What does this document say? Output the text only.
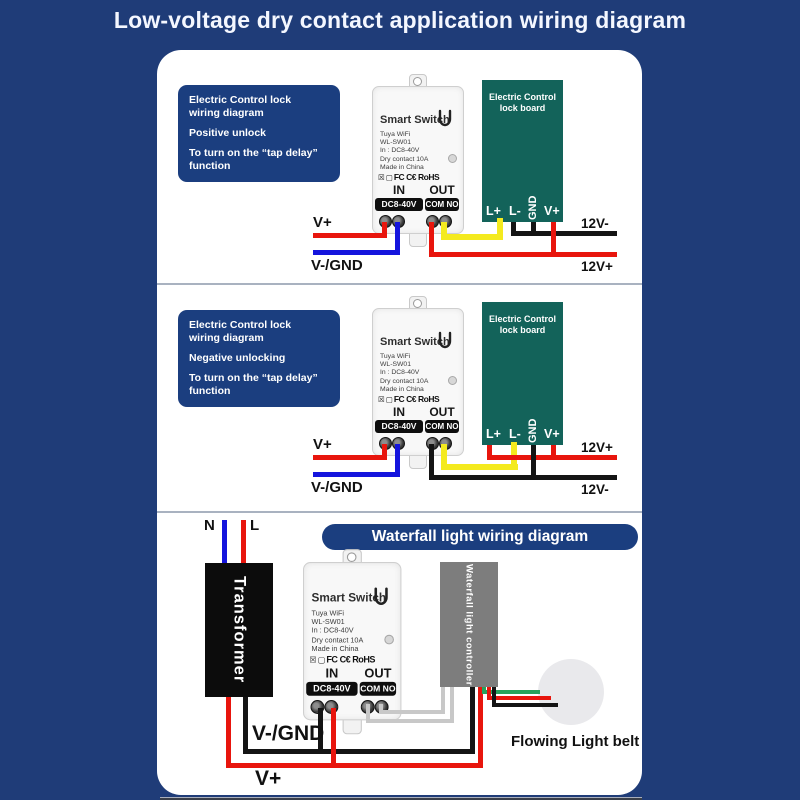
Low-voltage dry contact application wiring diagram
Electric Control lock
wiring diagram
Positive unlock
To turn on the “tap delay”
function
Smart Switch
Tuya WiFi
WL-SW01
In : DC8-40V
Dry contact 10A
Made in China
☒▢FC C€ RoHS
IN	OUT
DC8-40V	COM NO
Electric Control
lock board
L+ L- GND V+
V+
V-/GND
12V-
12V+
Electric Control lock
wiring diagram
Negative unlocking
To turn on the “tap delay”
function
Smart Switch
Tuya WiFi
WL-SW01
In : DC8-40V
Dry contact 10A
Made in China
☒▢FC C€ RoHS
IN	OUT
DC8-40V	COM NO
Electric Control
lock board
L+ L- GND V+
V+
V-/GND
12V+
12V-
Waterfall light wiring diagram
N L
Transformer	Smart Switch
Tuya WiFi
WL-SW01
In : DC8-40V
Dry contact 10A
Made in China
☒▢FC C€ RoHS
IN	OUT
DC8-40V	COM NO
Waterfall light controller
V-/GND
V+
Flowing Light belt
